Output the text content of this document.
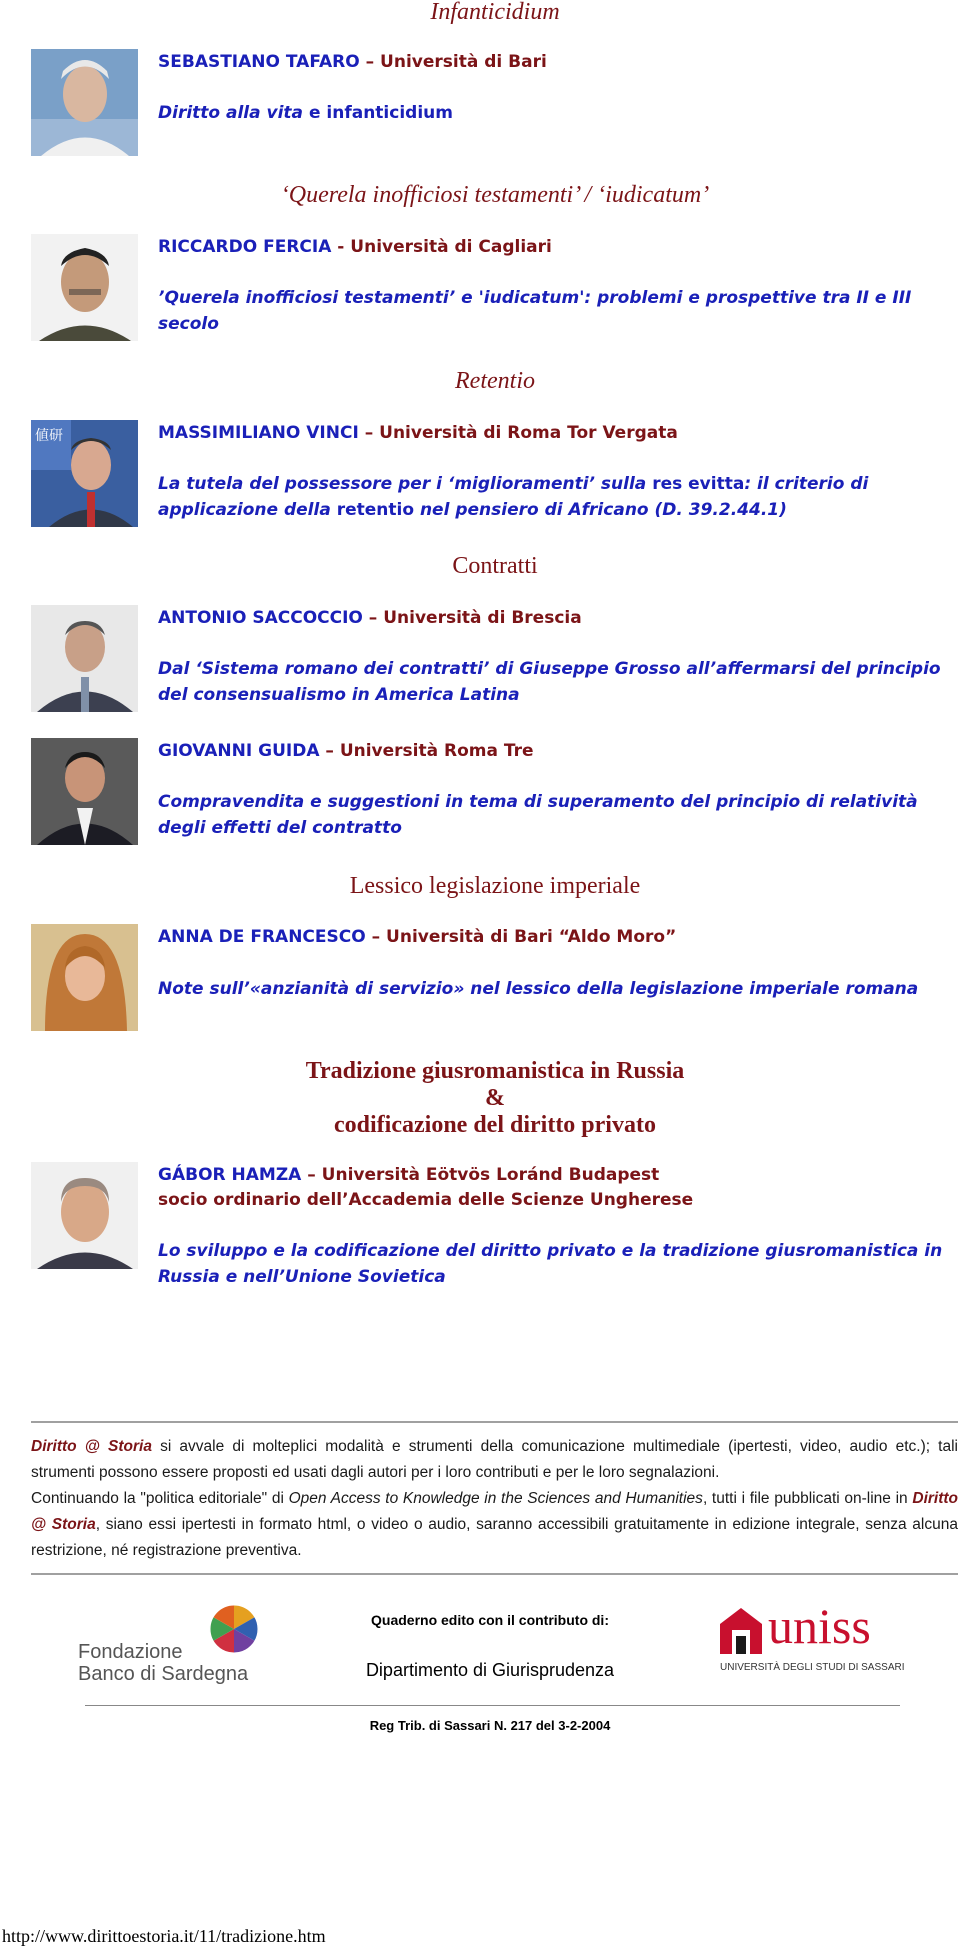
Infanticidium
SEBASTIANO TAFARO – Università di Bari
Diritto alla vita e infanticidium
‘Querela inofficiosi testamenti’ / ‘iudicatum’
RICCARDO FERCIA - Università di Cagliari
’Querela inofficiosi testamenti’ e 'iudicatum': problemi e prospettive tra II e III secolo
Retentio
値研	MASSIMILIANO VINCI – Università di Roma Tor Vergata
La tutela del possessore per i ‘miglioramenti’ sulla res evitta: il criterio di applicazione della retentio nel pensiero di Africano (D. 39.2.44.1)
Contratti
ANTONIO SACCOCCIO – Università di Brescia
Dal ‘Sistema romano dei contratti’ di Giuseppe Grosso all’affermarsi del principio del consensualismo in America Latina
GIOVANNI GUIDA – Università Roma Tre
Compravendita e suggestioni in tema di superamento del principio di relatività degli effetti del contratto
Lessico legislazione imperiale
ANNA DE FRANCESCO – Università di Bari “Aldo Moro”
Note sull’«anzianità di servizio» nel lessico della legislazione imperiale romana
Tradizione giusromanistica in Russia
&
codificazione del diritto privato
GÁBOR HAMZA – Università Eötvös Loránd Budapest
socio ordinario dell’Accademia delle Scienze Ungherese
Lo sviluppo e la codificazione del diritto privato e la tradizione giusromanistica in Russia e nell’Unione Sovietica
Diritto @ Storia si avvale di molteplici modalità e strumenti della comunicazione multimediale (ipertesti, video, audio etc.); tali strumenti possono essere proposti ed usati dagli autori per i loro contributi e per le loro segnalazioni.
Continuando la "politica editoriale" di Open Access to Knowledge in the Sciences and Humanities, tutti i file pubblicati on-line in Diritto @ Storia, siano essi ipertesti in formato html, o video o audio, saranno accessibili gratuitamente in edizione integrale, senza alcuna restrizione, né registrazione preventiva.
Fondazione
Banco di Sardegna
Quaderno edito con il contributo di:
Dipartimento di Giurisprudenza
uniss
UNIVERSITÀ DEGLI STUDI DI SASSARI
Reg Trib. di Sassari N. 217 del 3-2-2004
http://www.dirittoestoria.it/11/tradizione.htm
